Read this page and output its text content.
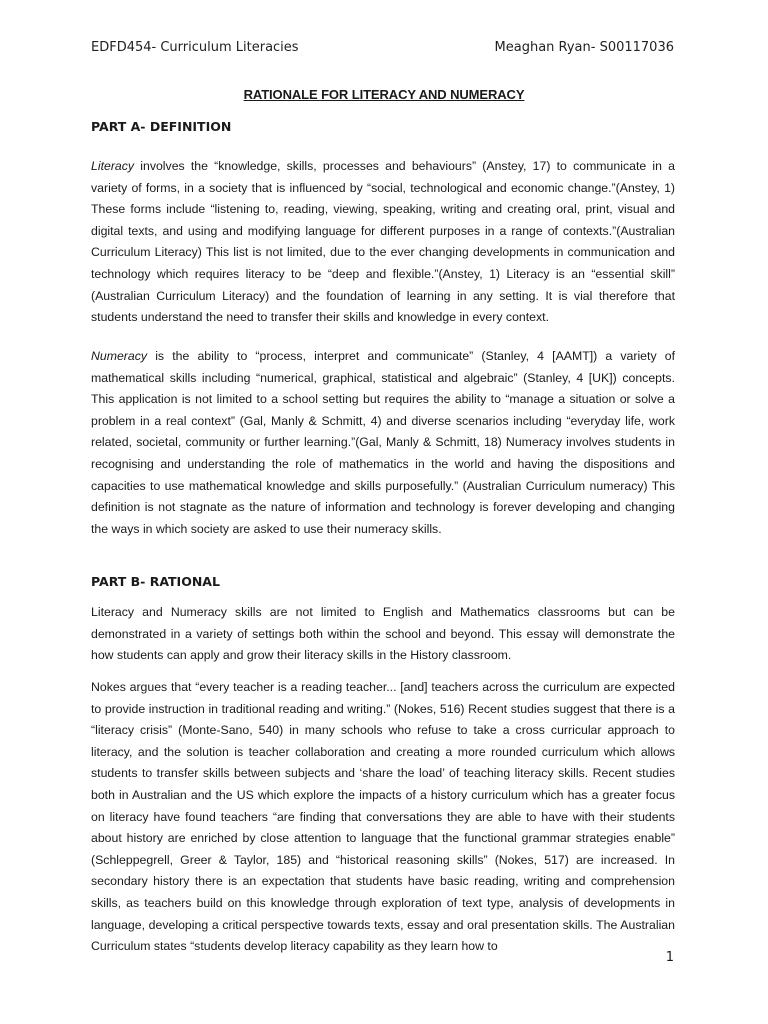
EDFD454- Curriculum Literacies	Meaghan Ryan- S00117036
RATIONALE FOR LITERACY AND NUMERACY
PART A- DEFINITION

Literacy involves the “knowledge, skills, processes and behaviours” (Anstey, 17) to communicate in a variety of forms, in a society that is influenced by “social, technological and economic change.”(Anstey, 1) These forms include “listening to, reading, viewing, speaking, writing and creating oral, print, visual and digital texts, and using and modifying language for different purposes in a range of contexts.”(Australian Curriculum Literacy) This list is not limited, due to the ever changing developments in communication and technology which requires literacy to be “deep and flexible.”(Anstey, 1) Literacy is an “essential skill” (Australian Curriculum Literacy) and the foundation of learning in any setting. It is vial therefore that students understand the need to transfer their skills and knowledge in every context.

Numeracy is the ability to “process, interpret and communicate” (Stanley, 4 [AAMT]) a variety of mathematical skills including “numerical, graphical, statistical and algebraic” (Stanley, 4 [UK]) concepts. This application is not limited to a school setting but requires the ability to “manage a situation or solve a problem in a real context” (Gal, Manly & Schmitt, 4) and diverse scenarios including “everyday life, work related, societal, community or further learning.”(Gal, Manly & Schmitt, 18) Numeracy involves students in recognising and understanding the role of mathematics in the world and having the dispositions and capacities to use mathematical knowledge and skills purposefully.” (Australian Curriculum numeracy) This definition is not stagnate as the nature of information and technology is forever developing and changing the ways in which society are asked to use their numeracy skills.

PART B- RATIONAL

Literacy and Numeracy skills are not limited to English and Mathematics classrooms but can be demonstrated in a variety of settings both within the school and beyond. This essay will demonstrate the how students can apply and grow their literacy skills in the History classroom.

Nokes argues that “every teacher is a reading teacher... [and] teachers across the curriculum are expected to provide instruction in traditional reading and writing.” (Nokes, 516) Recent studies suggest that there is a “literacy crisis” (Monte-Sano, 540) in many schools who refuse to take a cross curricular approach to literacy, and the solution is teacher collaboration and creating a more rounded curriculum which allows students to transfer skills between subjects and ‘share the load’ of teaching literacy skills. Recent studies both in Australian and the US which explore the impacts of a history curriculum which has a greater focus on literacy have found teachers “are finding that conversations they are able to have with their students about history are enriched by close attention to language that the functional grammar strategies enable” (Schleppegrell, Greer & Taylor, 185) and “historical reasoning skills” (Nokes, 517) are increased. In secondary history there is an expectation that students have basic reading, writing and comprehension skills, as teachers build on this knowledge through exploration of text type, analysis of developments in language, developing a critical perspective towards texts, essay and oral presentation skills. The Australian Curriculum states “students develop literacy capability as they learn how to

1
